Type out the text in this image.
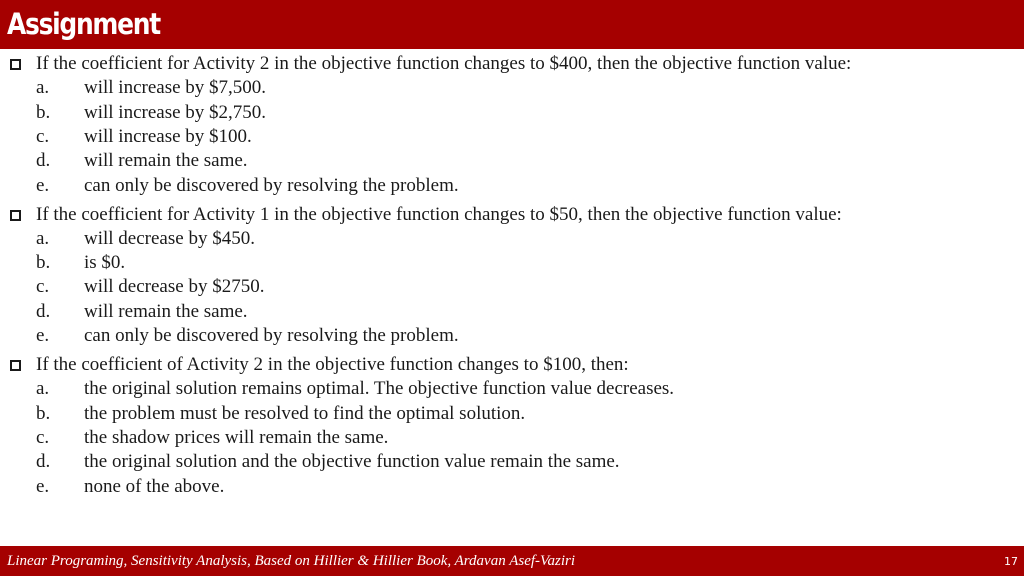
Assignment
If the coefficient for Activity 2 in the objective function changes to $400, then the objective function value:
a. will increase by $7,500.
b. will increase by $2,750.
c. will increase by $100.
d. will remain the same.
e. can only be discovered by resolving the problem.
If the coefficient for Activity 1 in the objective function changes to $50, then the objective function value:
a. will decrease by $450.
b. is $0.
c. will decrease by $2750.
d. will remain the same.
e. can only be discovered by resolving the problem.
If the coefficient of Activity 2 in the objective function changes to $100, then:
a. the original solution remains optimal. The objective function value decreases.
b. the problem must be resolved to find the optimal solution.
c. the shadow prices will remain the same.
d. the original solution and the objective function value remain the same.
e. none of the above.
Linear Programing, Sensitivity Analysis, Based on Hillier & Hillier Book, Ardavan Asef-Vaziri	17
